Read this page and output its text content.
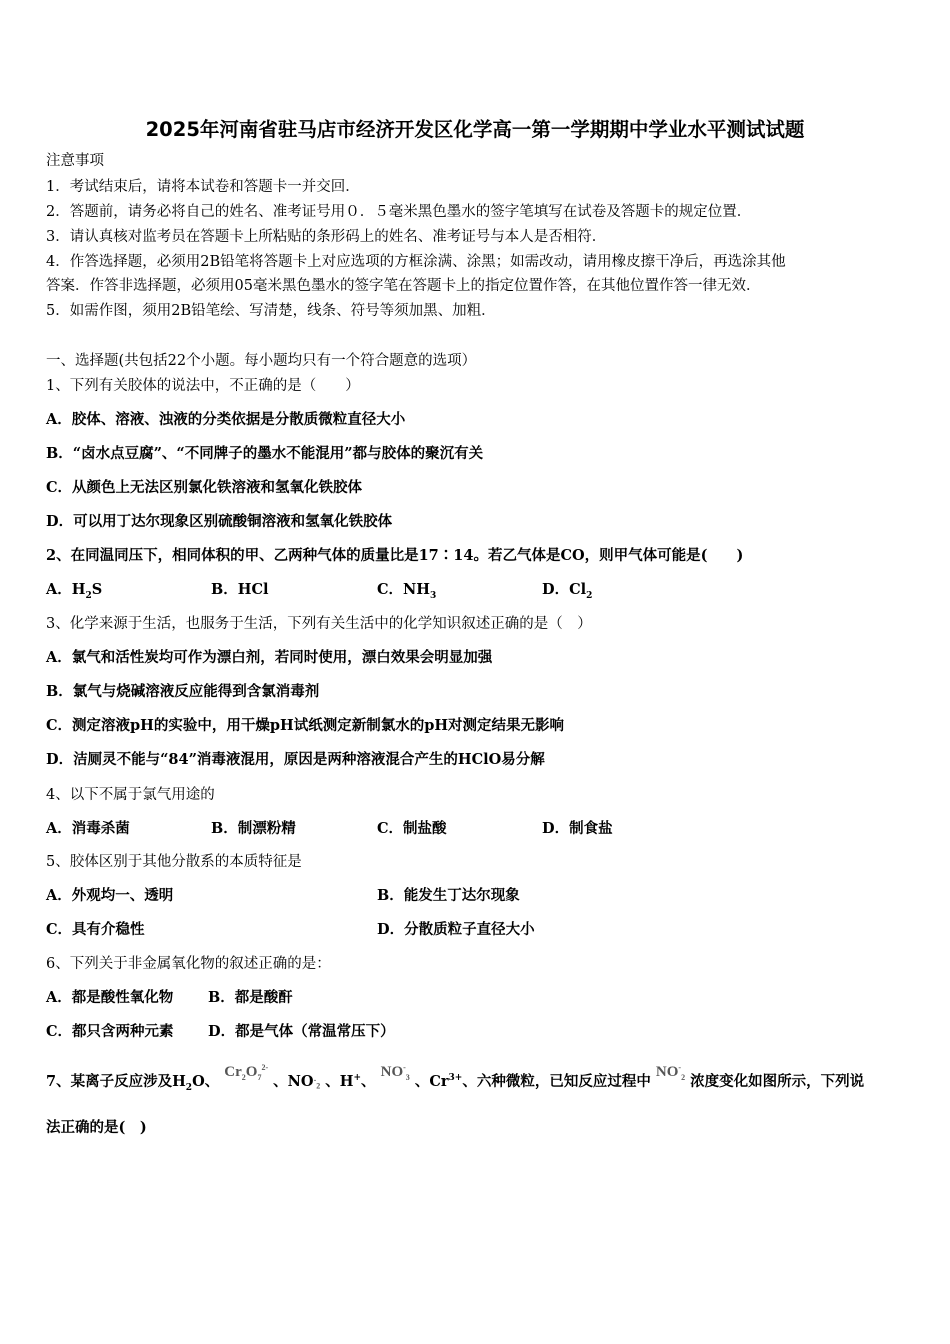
2025年河南省驻马店市经济开发区化学高一第一学期期中学业水平测试试题
注意事项
1．考试结束后，请将本试卷和答题卡一并交回．
2．答题前，请务必将自己的姓名、准考证号用０．５毫米黑色墨水的签字笔填写在试卷及答题卡的规定位置．
3．请认真核对监考员在答题卡上所粘贴的条形码上的姓名、准考证号与本人是否相符．
4．作答选择题，必须用2B铅笔将答题卡上对应选项的方框涂满、涂黑；如需改动，请用橡皮擦干净后，再选涂其他
答案．作答非选择题，必须用05毫米黑色墨水的签字笔在答题卡上的指定位置作答，在其他位置作答一律无效．
5．如需作图，须用2B铅笔绘、写清楚，线条、符号等须加黑、加粗．
一、选择题(共包括22个小题。每小题均只有一个符合题意的选项）
1、下列有关胶体的说法中，不正确的是（　　）
A．胶体、溶液、浊液的分类依据是分散质微粒直径大小
B．“卤水点豆腐”、“不同牌子的墨水不能混用”都与胶体的聚沉有关
C．从颜色上无法区别氯化铁溶液和氢氧化铁胶体
D．可以用丁达尔现象区别硫酸铜溶液和氢氧化铁胶体
2、在同温同压下，相同体积的甲、乙两种气体的质量比是17∶14。若乙气体是CO，则甲气体可能是(　　)
A．$H_2S$	B．HCl	C．$NH_3$	D．$Cl_2$
3、化学来源于生活，也服务于生活，下列有关生活中的化学知识叙述正确的是（　）
A．氯气和活性炭均可作为漂白剂，若同时使用，漂白效果会明显加强
B．氯气与烧碱溶液反应能得到含氯消毒剂
C．测定溶液pH的实验中，用干燥pH试纸测定新制氯水的pH对测定结果无影响
D．洁厕灵不能与“84”消毒液混用，原因是两种溶液混合产生的HClO易分解
4、以下不属于氯气用途的
A．消毒杀菌	B．制漂粉精	C．制盐酸	D．制食盐
5、胶体区别于其他分散系的本质特征是
A．外观均一、透明	B．能发生丁达尔现象
C．具有介稳性	D．分散质粒子直径大小
6、下列关于非金属氧化物的叙述正确的是：
A．都是酸性氧化物 B．都是酸酐
C．都只含两种元素 D．都是气体（常温常压下）
7、某离子反应涉及$H_2O$、 $Cr_2O_7^{2-}$ 、$NO^-_2$ 、H+、 $NO^-_3$ 、$Cr^{3+}$、六种微粒，已知反应过程中 $NO^-_2$ 浓度变化如图所示，下列说
法正确的是(　)
